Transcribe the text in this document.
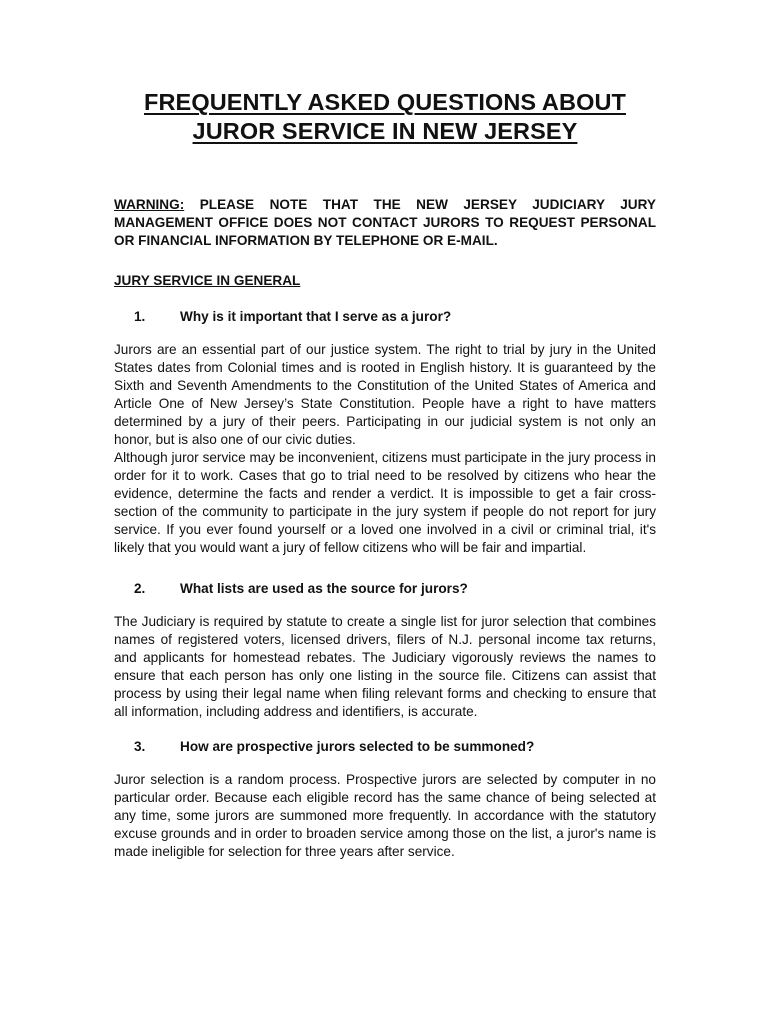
FREQUENTLY ASKED QUESTIONS ABOUT
JUROR SERVICE IN NEW JERSEY
WARNING: PLEASE NOTE THAT THE NEW JERSEY JUDICIARY JURY MANAGEMENT OFFICE DOES NOT CONTACT JURORS TO REQUEST PERSONAL OR FINANCIAL INFORMATION BY TELEPHONE OR E-MAIL.
JURY SERVICE IN GENERAL
1.	Why is it important that I serve as a juror?

Jurors are an essential part of our justice system. The right to trial by jury in the United States dates from Colonial times and is rooted in English history. It is guaranteed by the Sixth and Seventh Amendments to the Constitution of the United States of America and Article One of New Jersey’s State Constitution. People have a right to have matters determined by a jury of their peers. Participating in our judicial system is not only an honor, but is also one of our civic duties.

Although juror service may be inconvenient, citizens must participate in the jury process in order for it to work. Cases that go to trial need to be resolved by citizens who hear the evidence, determine the facts and render a verdict. It is impossible to get a fair cross-section of the community to participate in the jury system if people do not report for jury service. If you ever found yourself or a loved one involved in a civil or criminal trial, it's likely that you would want a jury of fellow citizens who will be fair and impartial.

2.	What lists are used as the source for jurors?

The Judiciary is required by statute to create a single list for juror selection that combines names of registered voters, licensed drivers, filers of N.J. personal income tax returns, and applicants for homestead rebates. The Judiciary vigorously reviews the names to ensure that each person has only one listing in the source file. Citizens can assist that process by using their legal name when filing relevant forms and checking to ensure that all information, including address and identifiers, is accurate.

3.	How are prospective jurors selected to be summoned?

Juror selection is a random process. Prospective jurors are selected by computer in no particular order. Because each eligible record has the same chance of being selected at any time, some jurors are summoned more frequently. In accordance with the statutory excuse grounds and in order to broaden service among those on the list, a juror's name is made ineligible for selection for three years after service.
